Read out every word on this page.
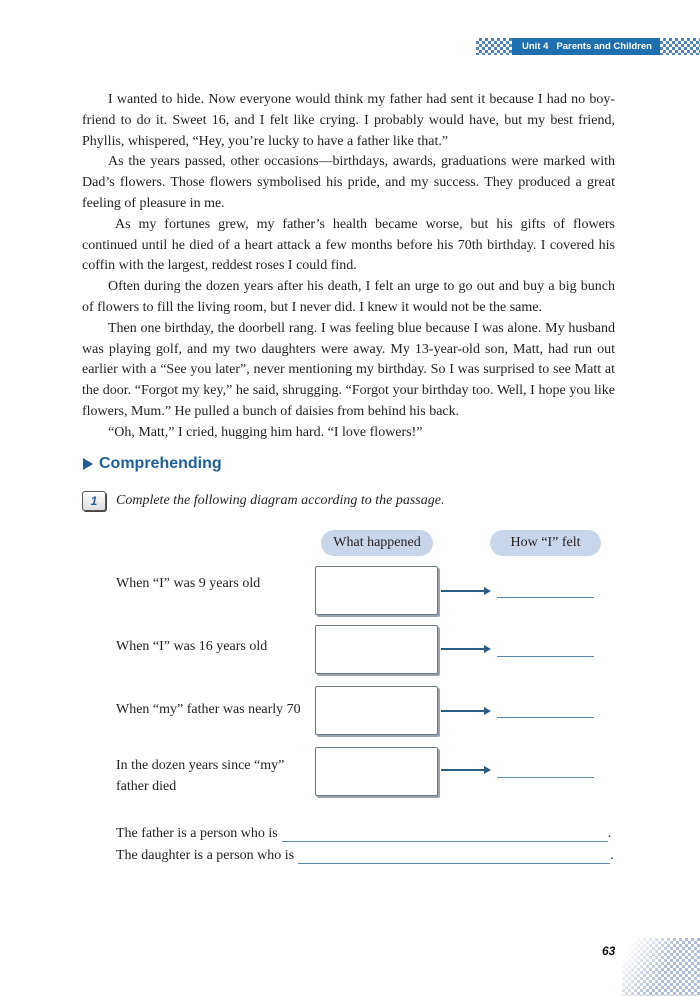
Unit 4 Parents and Children

I wanted to hide. Now everyone would think my father had sent it because I had no boy-friend to do it. Sweet 16, and I felt like crying. I probably would have, but my best friend, Phyllis, whispered, “Hey, you’re lucky to have a father like that.”

As the years passed, other occasions—birthdays, awards, graduations were marked with Dad’s flowers. Those flowers symbolised his pride, and my success. They produced a great feeling of pleasure in me.

As my fortunes grew, my father’s health became worse, but his gifts of flowers continued until he died of a heart attack a few months before his 70th birthday. I covered his coffin with the largest, reddest roses I could find.

Often during the dozen years after his death, I felt an urge to go out and buy a big bunch of flowers to fill the living room, but I never did. I knew it would not be the same.

Then one birthday, the doorbell rang. I was feeling blue because I was alone. My husband was playing golf, and my two daughters were away. My 13-year-old son, Matt, had run out earlier with a “See you later”, never mentioning my birthday. So I was surprised to see Matt at the door. “Forgot my key,” he said, shrugging. “Forgot your birthday too. Well, I hope you like flowers, Mum.” He pulled a bunch of daisies from behind his back.

“Oh, Matt,” I cried, hugging him hard. “I love flowers!”

Comprehending
1	Complete the following diagram according to the passage.
What happened	How “I” felt
When “I” was 9 years old
When “I” was 16 years old
When “my” father was nearly 70
In the dozen years since “my” father died
The father is a person who is	.
The daughter is a person who is	.
63
